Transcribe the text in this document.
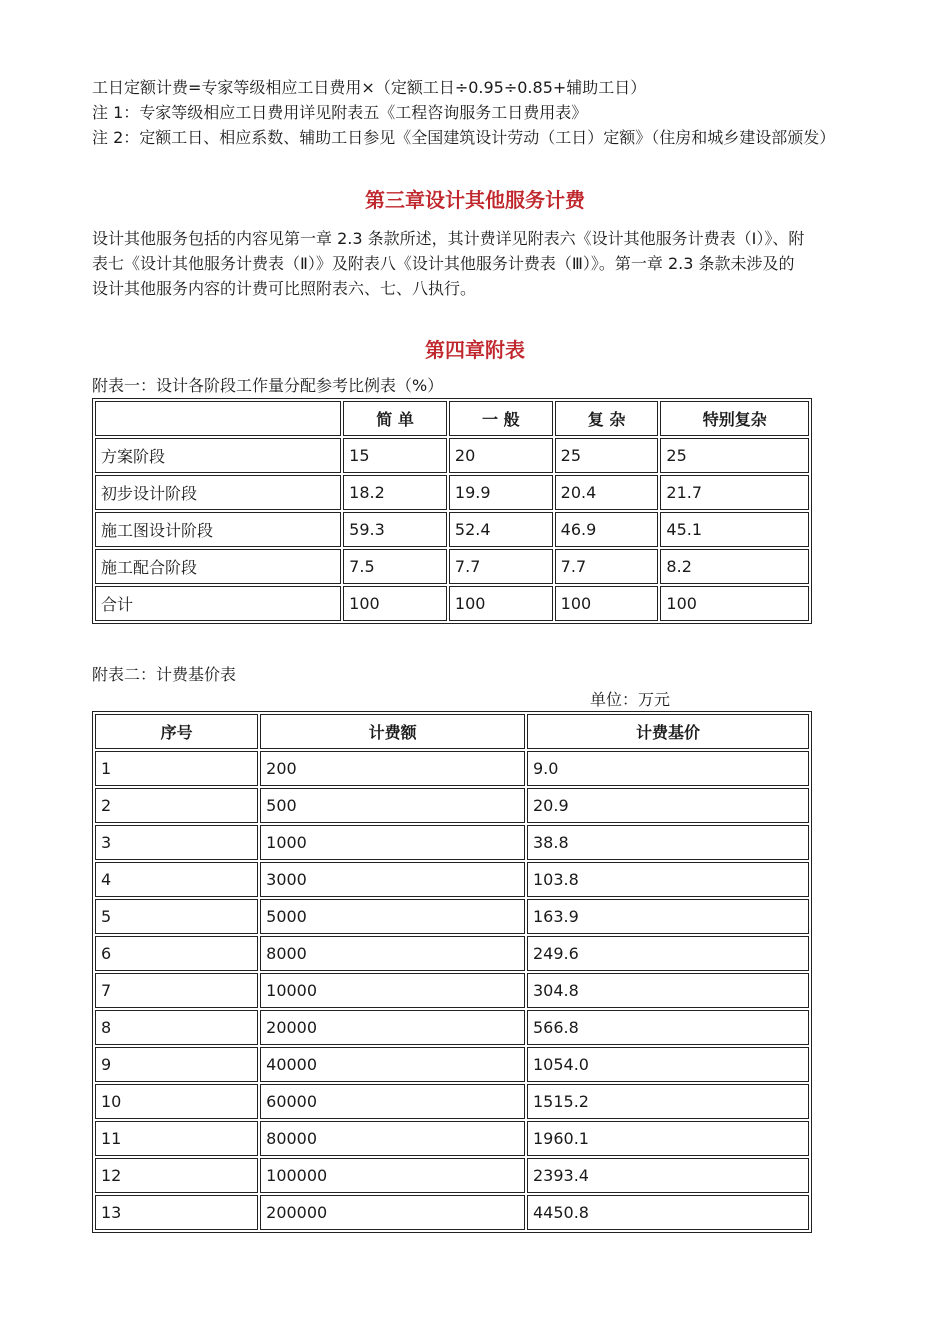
工日定额计费=专家等级相应工日费用×（定额工日÷0.95÷0.85+辅助工日）
注 1：专家等级相应工日费用详见附表五《工程咨询服务工日费用表》
注 2：定额工日、相应系数、辅助工日参见《全国建筑设计劳动（工日）定额》（住房和城乡建设部颁发）
第三章设计其他服务计费
设计其他服务包括的内容见第一章 2.3 条款所述，其计费详见附表六《设计其他服务计费表（Ⅰ）》、附
表七《设计其他服务计费表（Ⅱ）》及附表八《设计其他服务计费表（Ⅲ）》。第一章 2.3 条款未涉及的
设计其他服务内容的计费可比照附表六、七、八执行。
第四章附表
附表一：设计各阶段工作量分配参考比例表（%）
	简 单	一 般	复 杂	特别复杂
方案阶段	15	20	25	25
初步设计阶段	18.2	19.9	20.4	21.7
施工图设计阶段	59.3	52.4	46.9	45.1
施工配合阶段	7.5	7.7	7.7	8.2
合计	100	100	100	100
附表二：计费基价表
单位：万元
序号	计费额	计费基价
1	200	9.0
2	500	20.9
3	1000	38.8
4	3000	103.8
5	5000	163.9
6	8000	249.6
7	10000	304.8
8	20000	566.8
9	40000	1054.0
10	60000	1515.2
11	80000	1960.1
12	100000	2393.4
13	200000	4450.8
